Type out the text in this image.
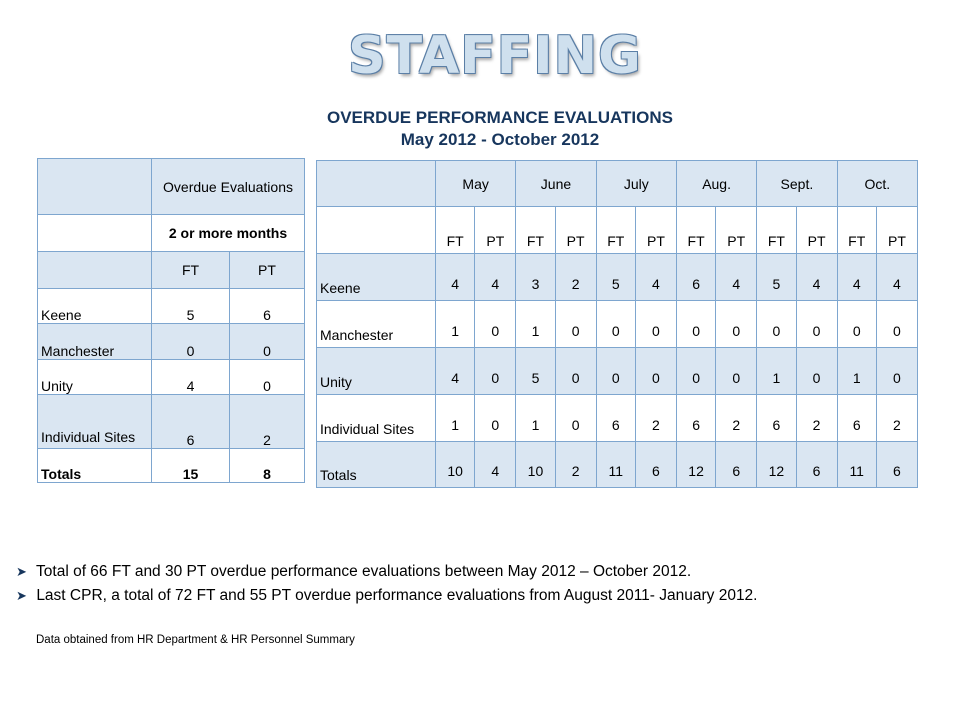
STAFFING
OVERDUE PERFORMANCE EVALUATIONS
May 2012 - October 2012
	Overdue Evaluations	
	2 or more months	
	FT	PT
Keene	5	6
Manchester	0	0
Unity	4	0
Individual Sites	6	2
Totals	15	8
	May		June		July		Aug.		Sept.		Oct.	
	FT	PT	FT	PT	FT	PT	FT	PT	FT	PT	FT	PT
Keene	4	4	3	2	5	4	6	4	5	4	4	4
Manchester	1	0	1	0	0	0	0	0	0	0	0	0
Unity	4	0	5	0	0	0	0	0	1	0	1	0
Individual Sites	1	0	1	0	6	2	6	2	6	2	6	2
Totals	10	4	10	2	11	6	12	6	12	6	11	6
➤ Total of 66 FT and 30 PT overdue performance evaluations between May 2012 – October 2012.
➤ Last CPR, a total of 72 FT and 55 PT overdue performance evaluations from August 2011- January 2012.
Data obtained from HR Department & HR Personnel Summary
